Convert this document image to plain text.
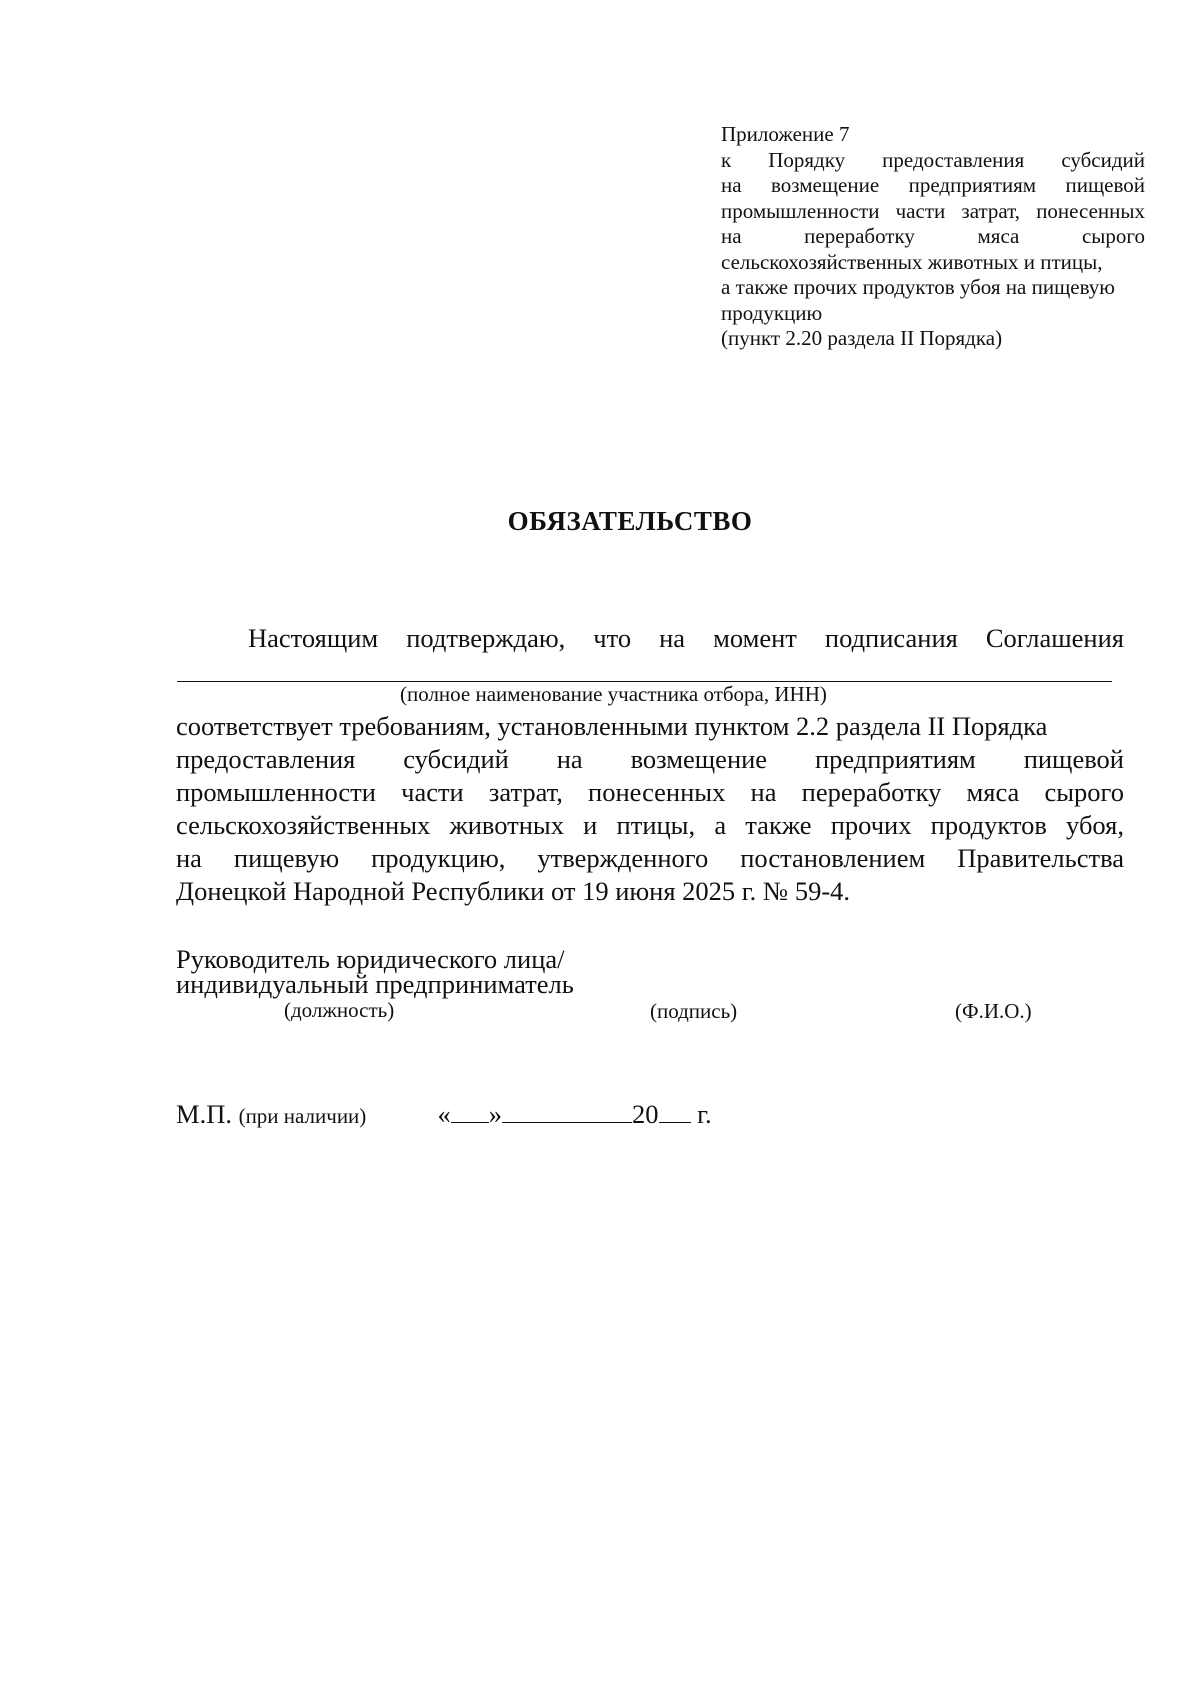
Приложение 7
к Порядку предоставления субсидий
на возмещение предприятиям пищевой
промышленности части затрат, понесенных
на переработку мяса сырого
сельскохозяйственных животных и птицы,
а также прочих продуктов убоя на пищевую
продукцию
(пункт 2.20 раздела II Порядка)
ОБЯЗАТЕЛЬСТВО
Настоящим подтверждаю, что на момент подписания Соглашения
(полное наименование участника отбора, ИНН)
соответствует требованиям, установленными пунктом 2.2 раздела II Порядка
предоставления субсидий на возмещение предприятиям пищевой
промышленности части затрат, понесенных на переработку мяса сырого
сельскохозяйственных животных и птицы, а также прочих продуктов убоя,
на пищевую продукцию, утвержденного постановлением Правительства
Донецкой Народной Республики от 19 июня 2025 г. № 59-4.
Руководитель юридического лица/
индивидуальный предприниматель
(должность)	(подпись)	(Ф.И.О.)
М.П. (при наличии)	« »	20 г.
